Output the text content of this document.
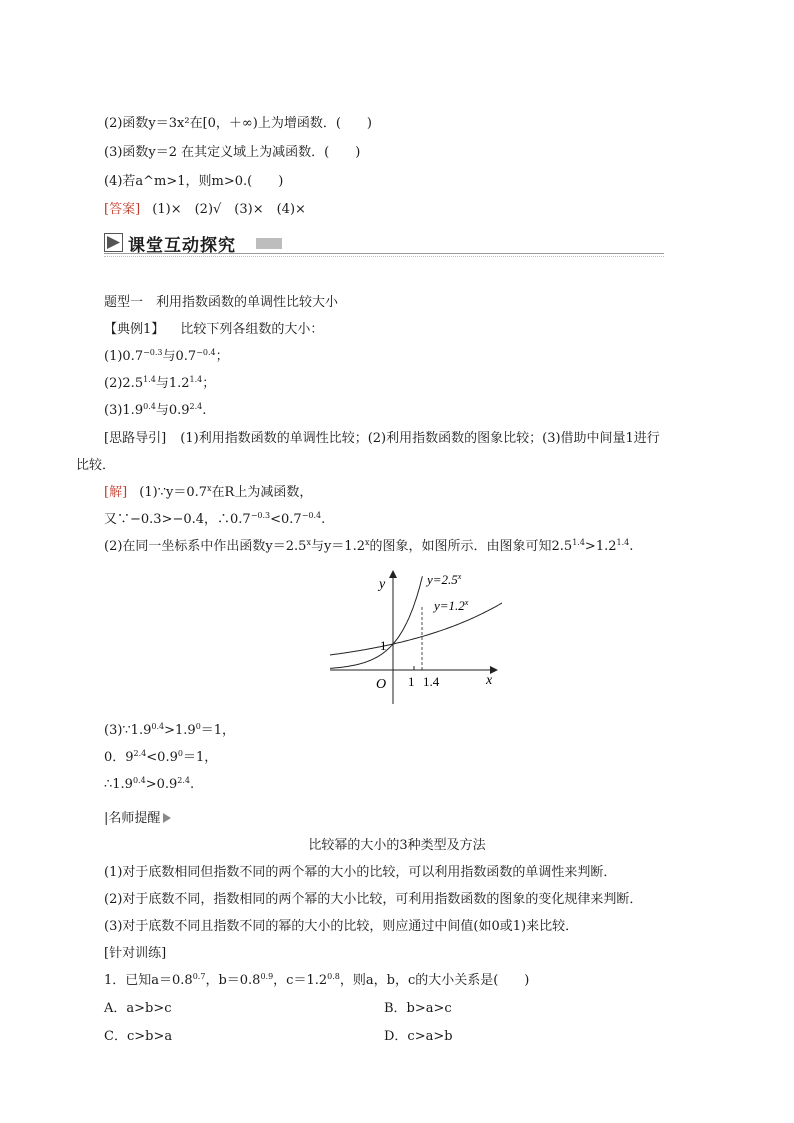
(2)函数y＝3x²在[0，＋∞)上为增函数．(　　)
(3)函数y＝2 在其定义域上为减函数．(　　)
(4)若a^m>1，则m>0.(　　)
[答案] (1)×　(2)√　(3)×　(4)×
课堂互动探究
题型一　利用指数函数的单调性比较大小
【典例1】 比较下列各组数的大小：
$(1)0.7^{-0.3}$与$0.7^{-0.4}$；
$(2)2.5^{1.4}$与$1.2^{1.4}$；
$(3)1.9^{0.4}$与$0.9^{2.4}$.
[思路导引] (1)利用指数函数的单调性比较；(2)利用指数函数的图象比较；(3)借助中间量1进行
比较．
[解] $(1)\because y=0.7^x$在R上为减函数，
又∵−0.3>−0.4，$\therefore 0.7^{-0.3}<0.7^{-0.4}$.
(2)在同一坐标系中作出函数$y=2.5^x$与$y=1.2^x$的图象，如图所示．由图象可知$2.5^{1.4}>1.2^{1.4}$.
y
x
O
1
1 1.4
$y=2.5^x$
$y=1.2^x$
$(3)\because 1.9^{0.4}>1.9^0=1$，
0．$9^{2.4}<0.9^0=1$，
$\therefore 1.9^{0.4}>0.9^{2.4}$.
|名师提醒
比较幂的大小的3种类型及方法
(1)对于底数相同但指数不同的两个幂的大小的比较，可以利用指数函数的单调性来判断．
(2)对于底数不同，指数相同的两个幂的大小比较，可利用指数函数的图象的变化规律来判断．
(3)对于底数不同且指数不同的幂的大小的比较，则应通过中间值(如0或1)来比较．
[针对训练]
1．已知$a=0.8^{0.7}$，$b=0.8^{0.9}$，$c=1.2^{0.8}$，则a，b，c的大小关系是(　　)
A．a>b>c	B．b>a>c
C．c>b>a	D．c>a>b
